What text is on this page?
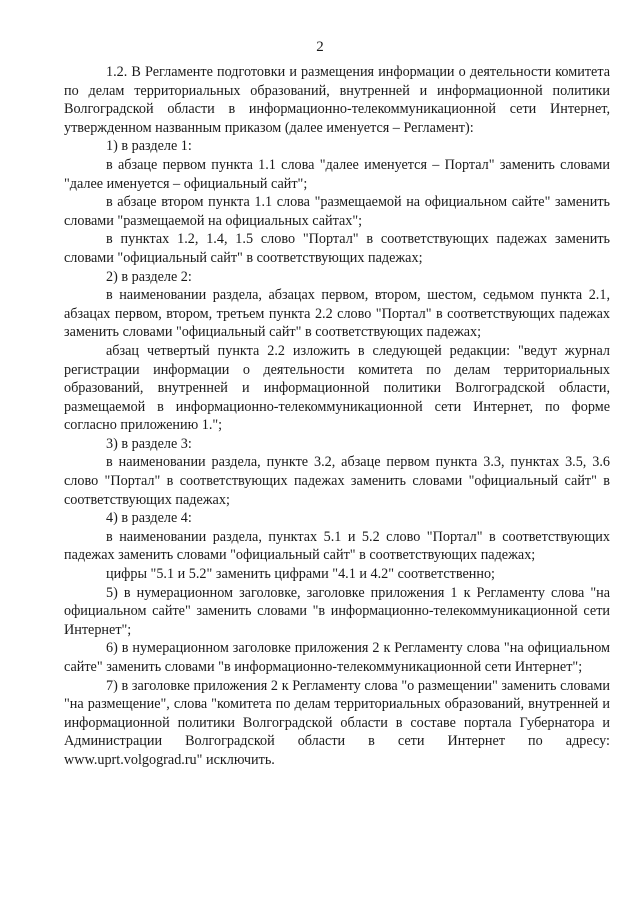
2

1.2. В Регламенте подготовки и размещения информации о деятельности комитета по делам территориальных образований, внутренней и информационной политики Волгоградской области в информационно-телекоммуникационной сети Интернет, утвержденном названным приказом (далее именуется – Регламент):

1) в разделе 1:

в абзаце первом пункта 1.1 слова "далее именуется – Портал" заменить словами "далее именуется – официальный сайт";

в абзаце втором пункта 1.1 слова "размещаемой на официальном сайте" заменить словами "размещаемой на официальных сайтах";

в пунктах 1.2, 1.4, 1.5 слово "Портал" в соответствующих падежах заменить словами "официальный сайт" в соответствующих падежах;

2) в разделе 2:

в наименовании раздела, абзацах первом, втором, шестом, седьмом пункта 2.1, абзацах первом, втором, третьем пункта 2.2 слово "Портал" в соответствующих падежах заменить словами "официальный сайт" в соответствующих падежах;

абзац четвертый пункта 2.2 изложить в следующей редакции: "ведут журнал регистрации информации о деятельности комитета по делам территориальных образований, внутренней и информационной политики Волгоградской области, размещаемой в информационно-телекоммуникационной сети Интернет, по форме согласно приложению 1.";

3) в разделе 3:

в наименовании раздела, пункте 3.2, абзаце первом пункта 3.3, пунктах 3.5, 3.6 слово "Портал" в соответствующих падежах заменить словами "официальный сайт" в соответствующих падежах;

4) в разделе 4:

в наименовании раздела, пунктах 5.1 и 5.2 слово "Портал" в соответствующих падежах заменить словами "официальный сайт" в соответствующих падежах;

цифры "5.1 и 5.2" заменить цифрами "4.1 и 4.2" соответственно;

5) в нумерационном заголовке, заголовке приложения 1 к Регламенту слова "на официальном сайте" заменить словами "в информационно-телекоммуникационной сети Интернет";

6) в нумерационном заголовке приложения 2 к Регламенту слова "на официальном сайте" заменить словами "в информационно-телекоммуникационной сети Интернет";

7) в заголовке приложения 2 к Регламенту слова "о размещении" заменить словами "на размещение", слова "комитета по делам территориальных образований, внутренней и информационной политики Волгоградской области в составе портала Губернатора и Администрации Волгоградской области в сети Интернет по адресу: www.uprt.volgograd.ru" исключить.
